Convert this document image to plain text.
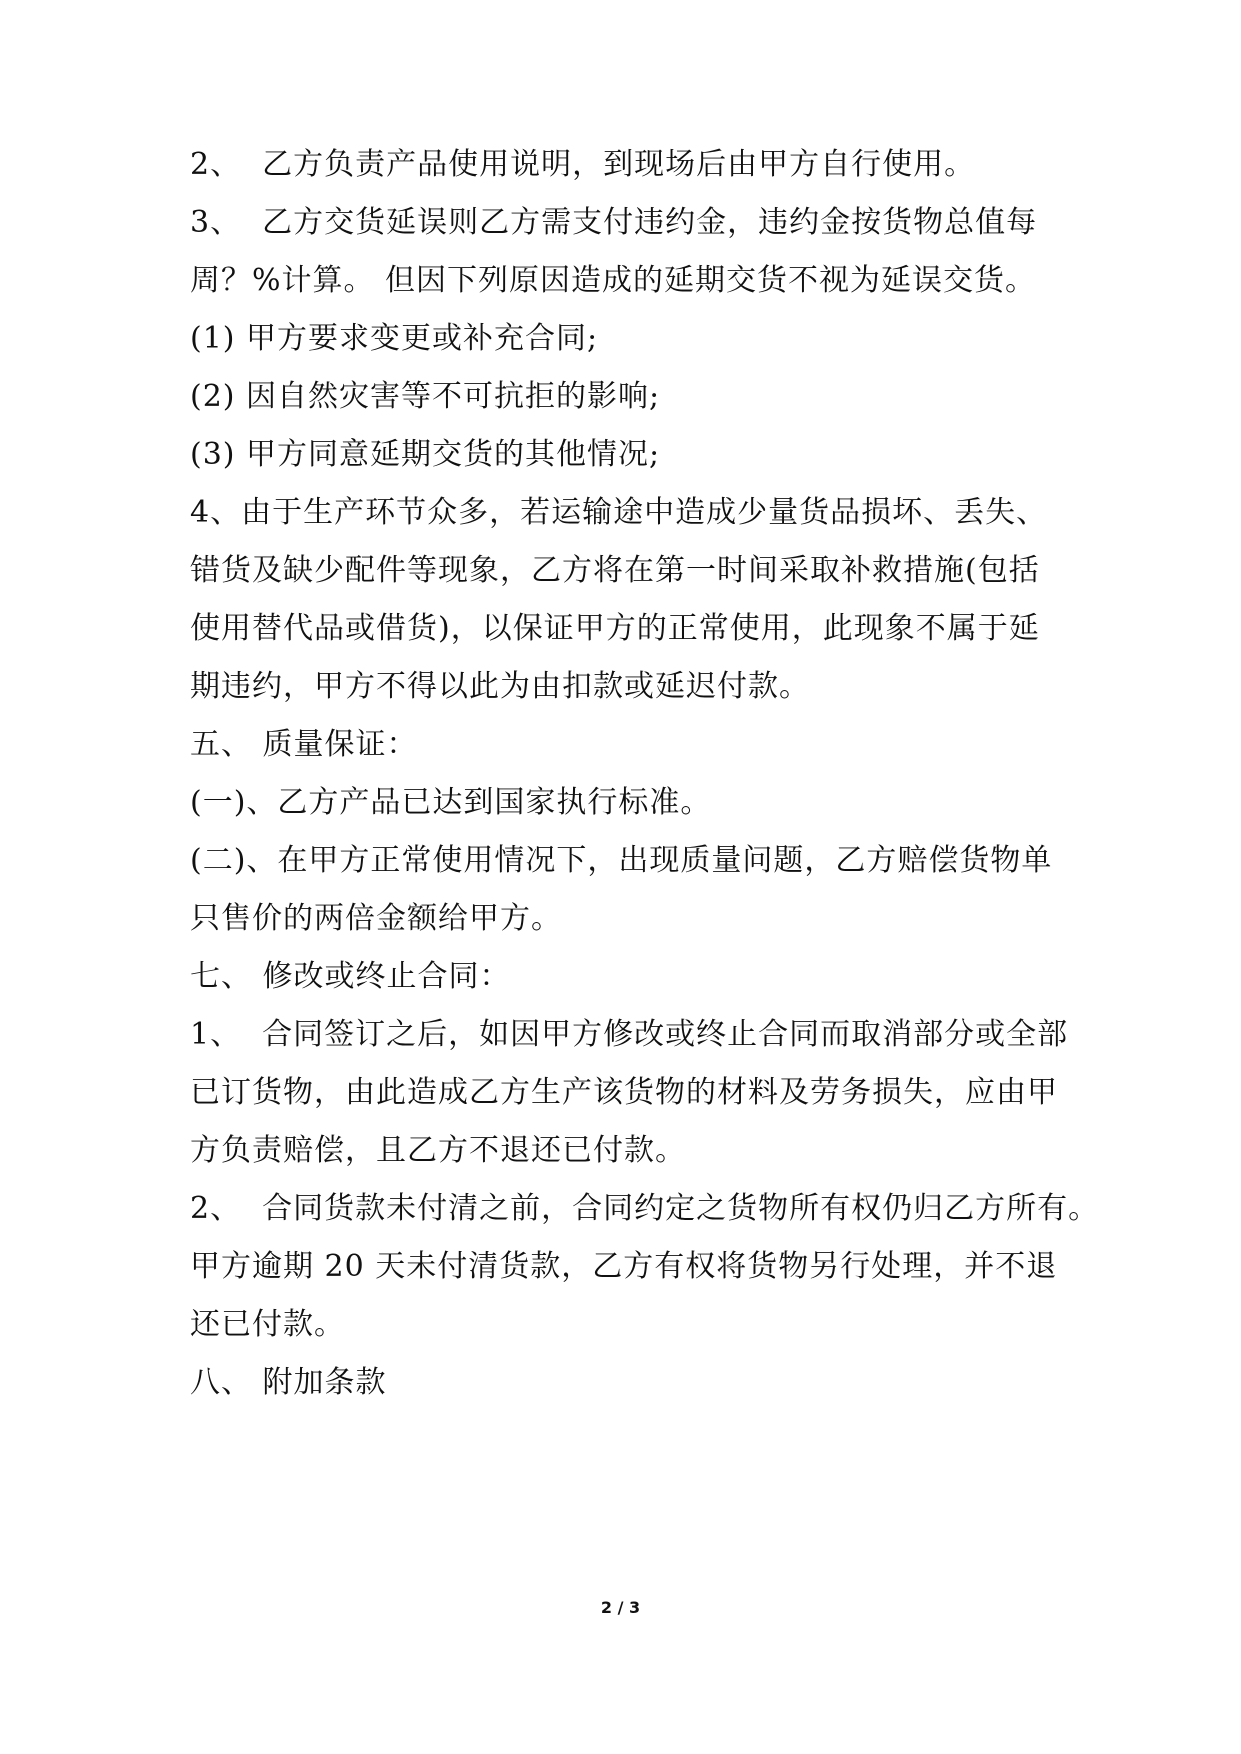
2、  乙方负责产品使用说明，到现场后由甲方自行使用。
3、  乙方交货延误则乙方需支付违约金，违约金按货物总值每
周？%计算。 但因下列原因造成的延期交货不视为延误交货。
(1) 甲方要求变更或补充合同;
(2) 因自然灾害等不可抗拒的影响;
(3) 甲方同意延期交货的其他情况;
4、由于生产环节众多，若运输途中造成少量货品损坏、丢失、
错货及缺少配件等现象，乙方将在第一时间采取补救措施(包括
使用替代品或借货)，以保证甲方的正常使用，此现象不属于延
期违约，甲方不得以此为由扣款或延迟付款。
五、 质量保证：
(一)、乙方产品已达到国家执行标准。
(二)、在甲方正常使用情况下，出现质量问题，乙方赔偿货物单
只售价的两倍金额给甲方。
七、 修改或终止合同：
1、  合同签订之后，如因甲方修改或终止合同而取消部分或全部
已订货物，由此造成乙方生产该货物的材料及劳务损失，应由甲
方负责赔偿，且乙方不退还已付款。
2、  合同货款未付清之前，合同约定之货物所有权仍归乙方所有。
甲方逾期 20 天未付清货款，乙方有权将货物另行处理，并不退
还已付款。
八、 附加条款
2 / 3
